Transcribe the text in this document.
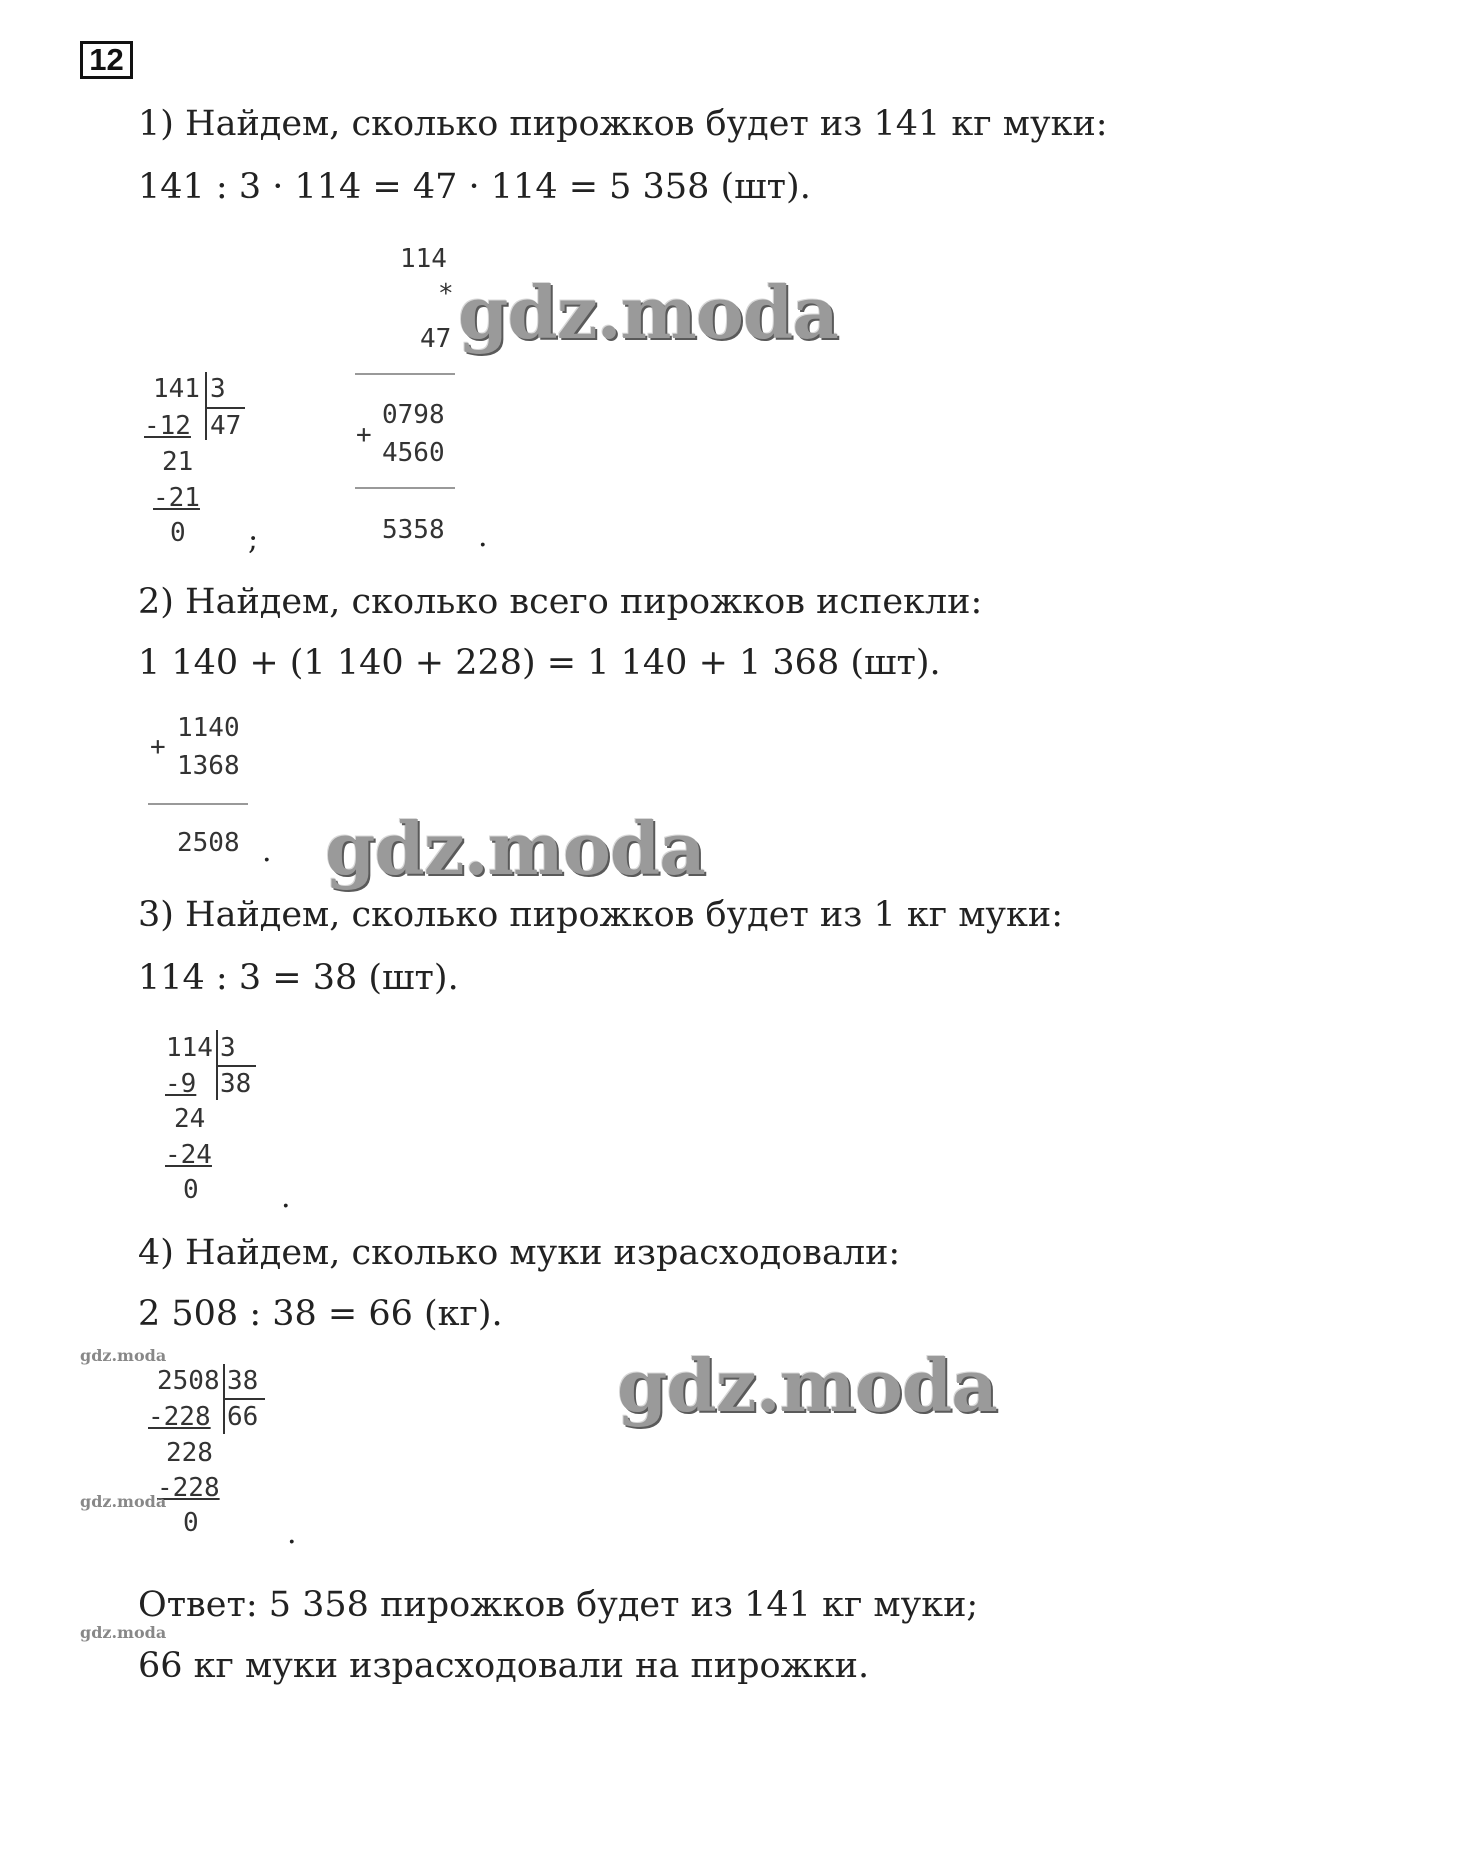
12
1) Найдем, сколько пирожков будет из 141 кг муки:
141 : 3 · 114 = 47 · 114 = 5 358 (шт).
141 3
47
-12
21
-21
0 ;
114
*
47
0798
+
4560
5358 .
2) Найдем, сколько всего пирожков испекли:
1 140 + (1 140 + 228) = 1 140 + 1 368 (шт).
1140
+
1368
2508 .
3) Найдем, сколько пирожков будет из 1 кг муки:
114 : 3 = 38 (шт).
114 3
38
-9
24
-24
0	.
4) Найдем, сколько муки израсходовали:
2 508 : 38 = 66 (кг).
2508 38
66
-228
228
-228
0	.
Ответ: 5 358 пирожков будет из 141 кг муки;
66 кг муки израсходовали на пирожки.
gdz.moda
gdz.moda
gdz.moda
gdz.moda
gdz.moda
gdz.moda
